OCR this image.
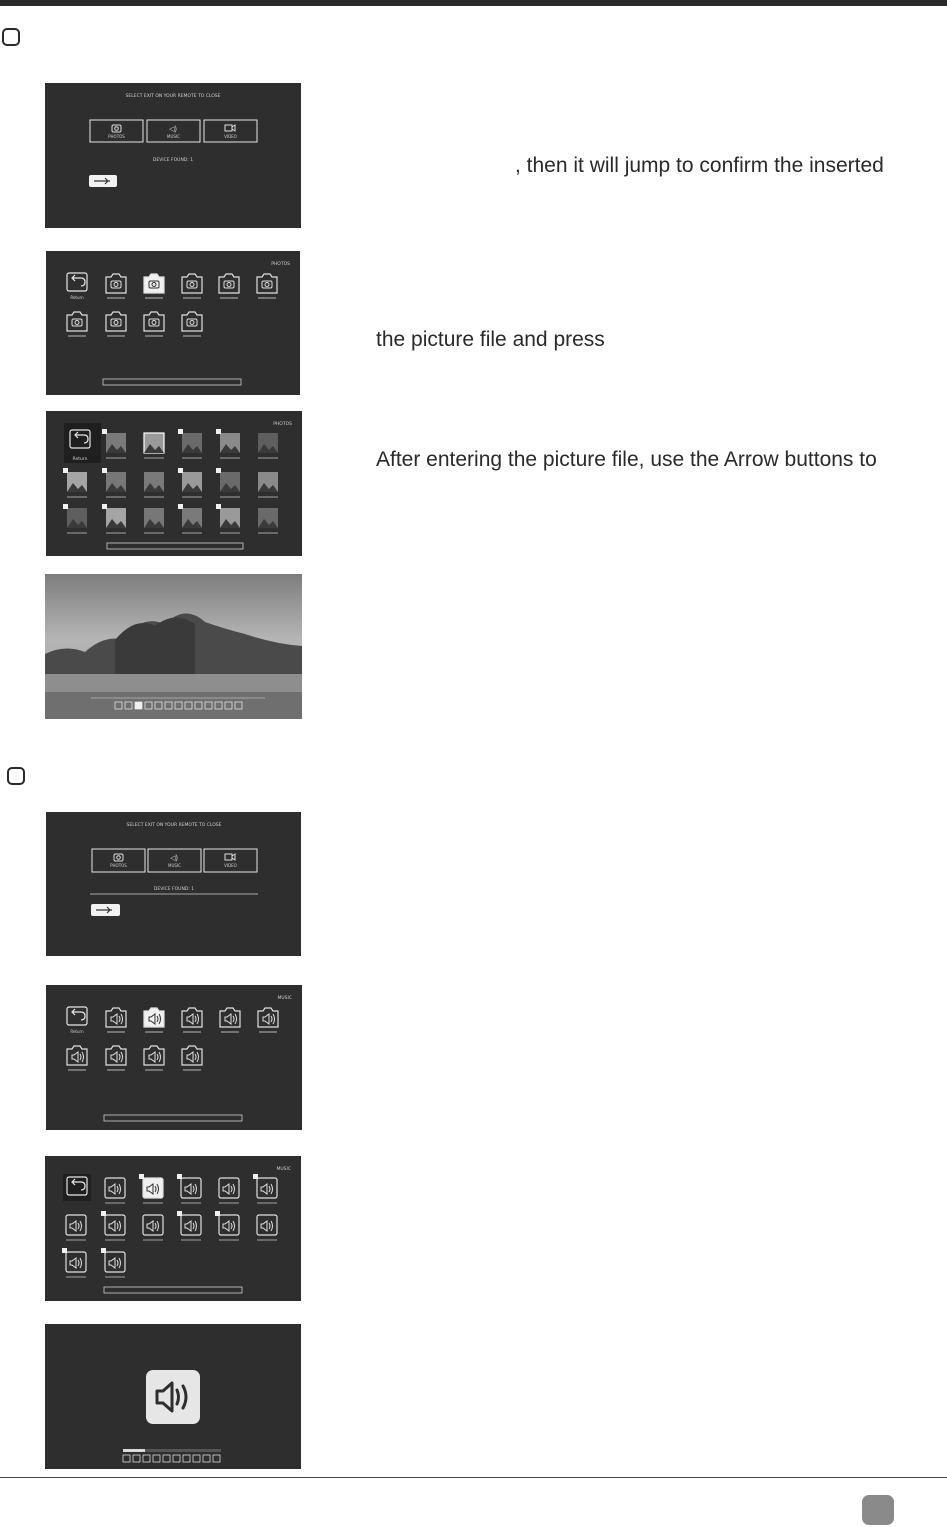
, then it will jump to confirm the inserted
the picture file and press
After entering the picture file, use the Arrow buttons to
SELECT EXIT ON YOUR REMOTE TO CLOSE
◁)
PHOTOS	MUSIC	VIDEO
DEVICE FOUND: 1
PHOTOS
Return
PHOTOS
Return
SELECT EXIT ON YOUR REMOTE TO CLOSE
◁)
PHOTOS	MUSIC	VIDEO
DEVICE FOUND: 1
MUSIC
Return
MUSIC
